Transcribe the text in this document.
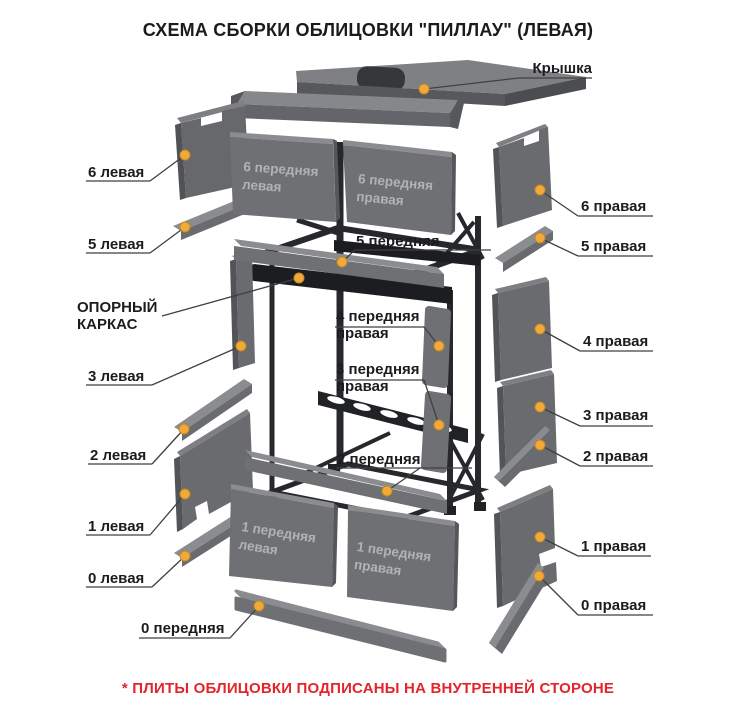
СХЕМА СБОРКИ ОБЛИЦОВКИ "ПИЛЛАУ" (ЛЕВАЯ)
Крышка
6 левая
5 левая
ОПОРНЫЙ КАРКАС
3 левая
2 левая
1 левая
0 левая
0 передняя
2 передняя
5 передняя
4 передняя правая
3 передняя правая
6 правая
5 правая
4 правая
3 правая
2 правая
1 правая
0 правая
6 передняя левая	6 передняя правая
1 передняя левая	1 передняя правая
* ПЛИТЫ ОБЛИЦОВКИ ПОДПИСАНЫ НА ВНУТРЕННЕЙ СТОРОНЕ
